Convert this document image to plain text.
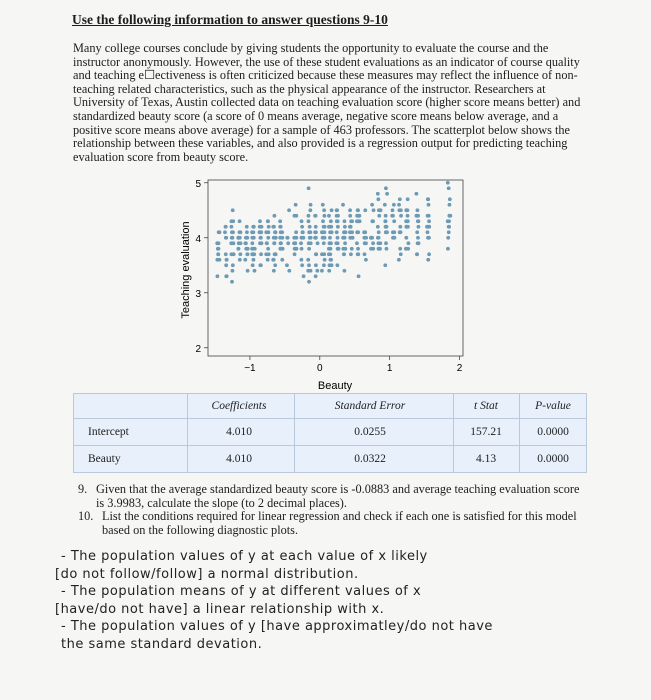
Use the following information to answer questions 9-10
Many college courses conclude by giving students the opportunity to evaluate the course and the instructor anonymously. However, the use of these student evaluations as an indicator of course quality and teaching e☐ectiveness is often criticized because these measures may reflect the influence of non-teaching related characteristics, such as the physical appearance of the instructor. Researchers at University of Texas, Austin collected data on teaching evaluation score (higher score means better) and standardized beauty score (a score of 0 means average, negative score means below average, and a positive score means above average) for a sample of 463 professors. The scatterplot below shows the relationship between these variables, and also provided is a regression output for predicting teaching evaluation score from beauty score.
2
3
4
5
−1	0	1	2
Teaching evaluation
Beauty
Coefficients	Standard Error	t Stat	P-value
Intercept	4.010	0.0255	157.21	0.0000
Beauty	4.010	0.0322	4.13	0.0000
9. Given that the average standardized beauty score is -0.0883 and average teaching evaluation score is 3.9983, calculate the slope (to 2 decimal places).
10. List the conditions required for linear regression and check if each one is satisfied for this model based on the following diagnostic plots.
- The population values of y at each value of x likely
[do not follow/follow] a normal distribution.
- The population means of y at different values of x
[have/do not have] a linear relationship with x.
- The population values of y [have approximatley/do not have
the same standard devation.
